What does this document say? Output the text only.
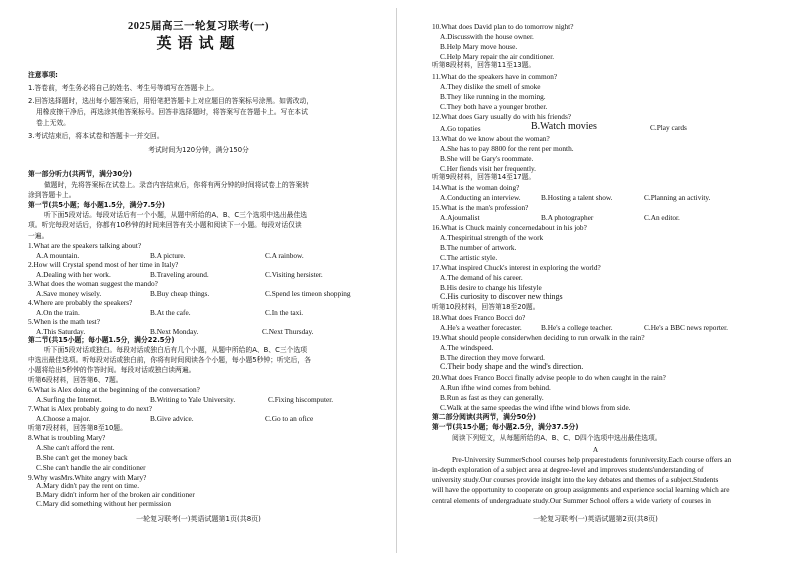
2025届高三一轮复习联考(一)
英语试题
注意事项:
1.答卷前，考生务必将自己的姓名、考生号等填写在答题卡上。
2.回答选择题时，选出每小题答案后，用铅笔把答题卡上对应题目的答案标号涂黑。如需改动，
用橡皮擦干净后，再选涂其他答案标号。回答非选择题时，将答案写在答题卡上。写在本试
卷上无效。
3.考试结束后，将本试卷和答题卡一并交回。
考试时间为120分钟，满分150分
第一部分听力(共两节，满分30分)
做题时，先将答案标在试卷上。录音内容结束后，你将有两分钟的时间将试卷上的答案转
涂到答题卡上。
第一节(共5小题；每小题1.5分，满分7.5分)
听下面5段对话。每段对话后有一个小题，从题中所给的A、B、C三个选项中选出最佳选
项。听完每段对话后，你都有10秒钟的时间来回答有关小题和阅读下一小题。每段对话仅读
一遍。
1.What are the speakers talking about?
A.A mountain.	B.A picture.	C.A rainbow.
2.How will Crystal spend most of her time in Italy?
A.Dealing with her work.	B.Traveling around.	C.Visiting hersister.
3.What does the woman suggest the mando?
A.Save money wisely.	B.Buy cheap things.	C.Spend les timeon shopping
4.Where are probably the speakers?
A.On the train.	B.At the cafe.	C.In the taxi.
5.When is the math test?
A.This Saturday.	B.Next Monday.	C.Next Thursday.
第二节(共15小题；每小题1.5分，满分22.5分)
听下面5段对话或独白。每段对话或独白后有几个小题，从题中所给的A、B、C三个选项
中选出最佳选项。听每段对话或独白前，你将有时间阅读各个小题，每小题5秒钟；听完后，各
小题将给出5秒钟的作答时间。每段对话或独白读两遍。
听第6段材料，回答第6、7题。
6.What is Alex doing at the beginning of the conversation?
A.Surfing the Intemet.	B.Writing to Yale University.	C.Fixing hiscomputer.
7.What is Alex probably going to do next?
A.Choose a major.	B.Give advice.	C.Go to an ofice
听第7段材料，回答第8至10题。
8.What is troubling Mary?
A.She can't afford the rent.
B.She can't get the money back
C.She can't handle the air conditioner
9.Why wasMrs.White angry with Mary?
A.Mary didn't pay the rent on time.
B.Mary didn't inform her of the broken air conditioner
C.Mary did something without her permission
一轮复习联考(一)英语试题第1页(共8页)
10.What does David plan to do tomorrow night?
A.Discusswith the house owner.
B.Help Mary move house.
C.Help Mary repair the air conditioner.
听第8段材料，回答第11至13题。
11.What do the speakers have in common?
A.They dislike the smell of smoke
B.They like running in the morning.
C.They both have a younger brother.
12.What does Gary usually do with his friends?
A.Go topaties	B.Watch movies	C.Play cards
13.What do we know about the woman?
A.She has to pay 8800 for the rent per month.
B.She will be Gary's roommate.
C.Her fiends visit her frequently.
听第9段材料，回答第14至17题。
14.What is the woman doing?
A.Conducting an interview.	B.Hosting a talent show.	C.Planning an activity.
15.What is the man's profession?
A.Ajoumalist	B.A photographer	C.An editor.
16.What is Chuck mainly concernedabout in his job?
A.Thespiritual strength of the work
B.The number of artwork.
C.The artistic style.
17.What inspired Chuck's interest in exploring the world?
A.The demand of his career.
B.His desire to change his lifestyle
C.His curiosity to discover new things
听第10段材料，回答第18至20题。
18.What does Franco Bocci do?
A.He's a weather forecaster.	B.He's a college teacher.	C.He's a BBC news reporter.
19.What should people considerwhen deciding to run orwalk in the rain?
A.The windspeed.
B.The direction they move forward.
C.Their body shape and the wind's direction.
20.What does Franco Bocci finally advise people to do when caught in the rain?
A.Run ifthe wind comes from behind.
B.Run as fast as they can generally.
C.Walk at the same speedas the wind ifthe wind blows from side.
第二部分阅读(共两节，满分50分)
第一节(共15小题；每小题2.5分，满分37.5分)
阅读下列短文，从每题所给的A、B、C、D四个选项中选出最佳选项。
A
Pre-University SummerSchool courses help preparestudents foruniversity.Each course offers an
in-depth exploration of a subject area at degree-level and improves students'understanding of
university study.Our courses provide insight into the key debates and themes of a subject.Students
will have the opportunity to cooperate on group assignments and experience social learning which are
central elements of undergraduate study.Our Summer School offers a wide variety of courses in
一轮复习联考(一)英语试题第2页(共8页)
